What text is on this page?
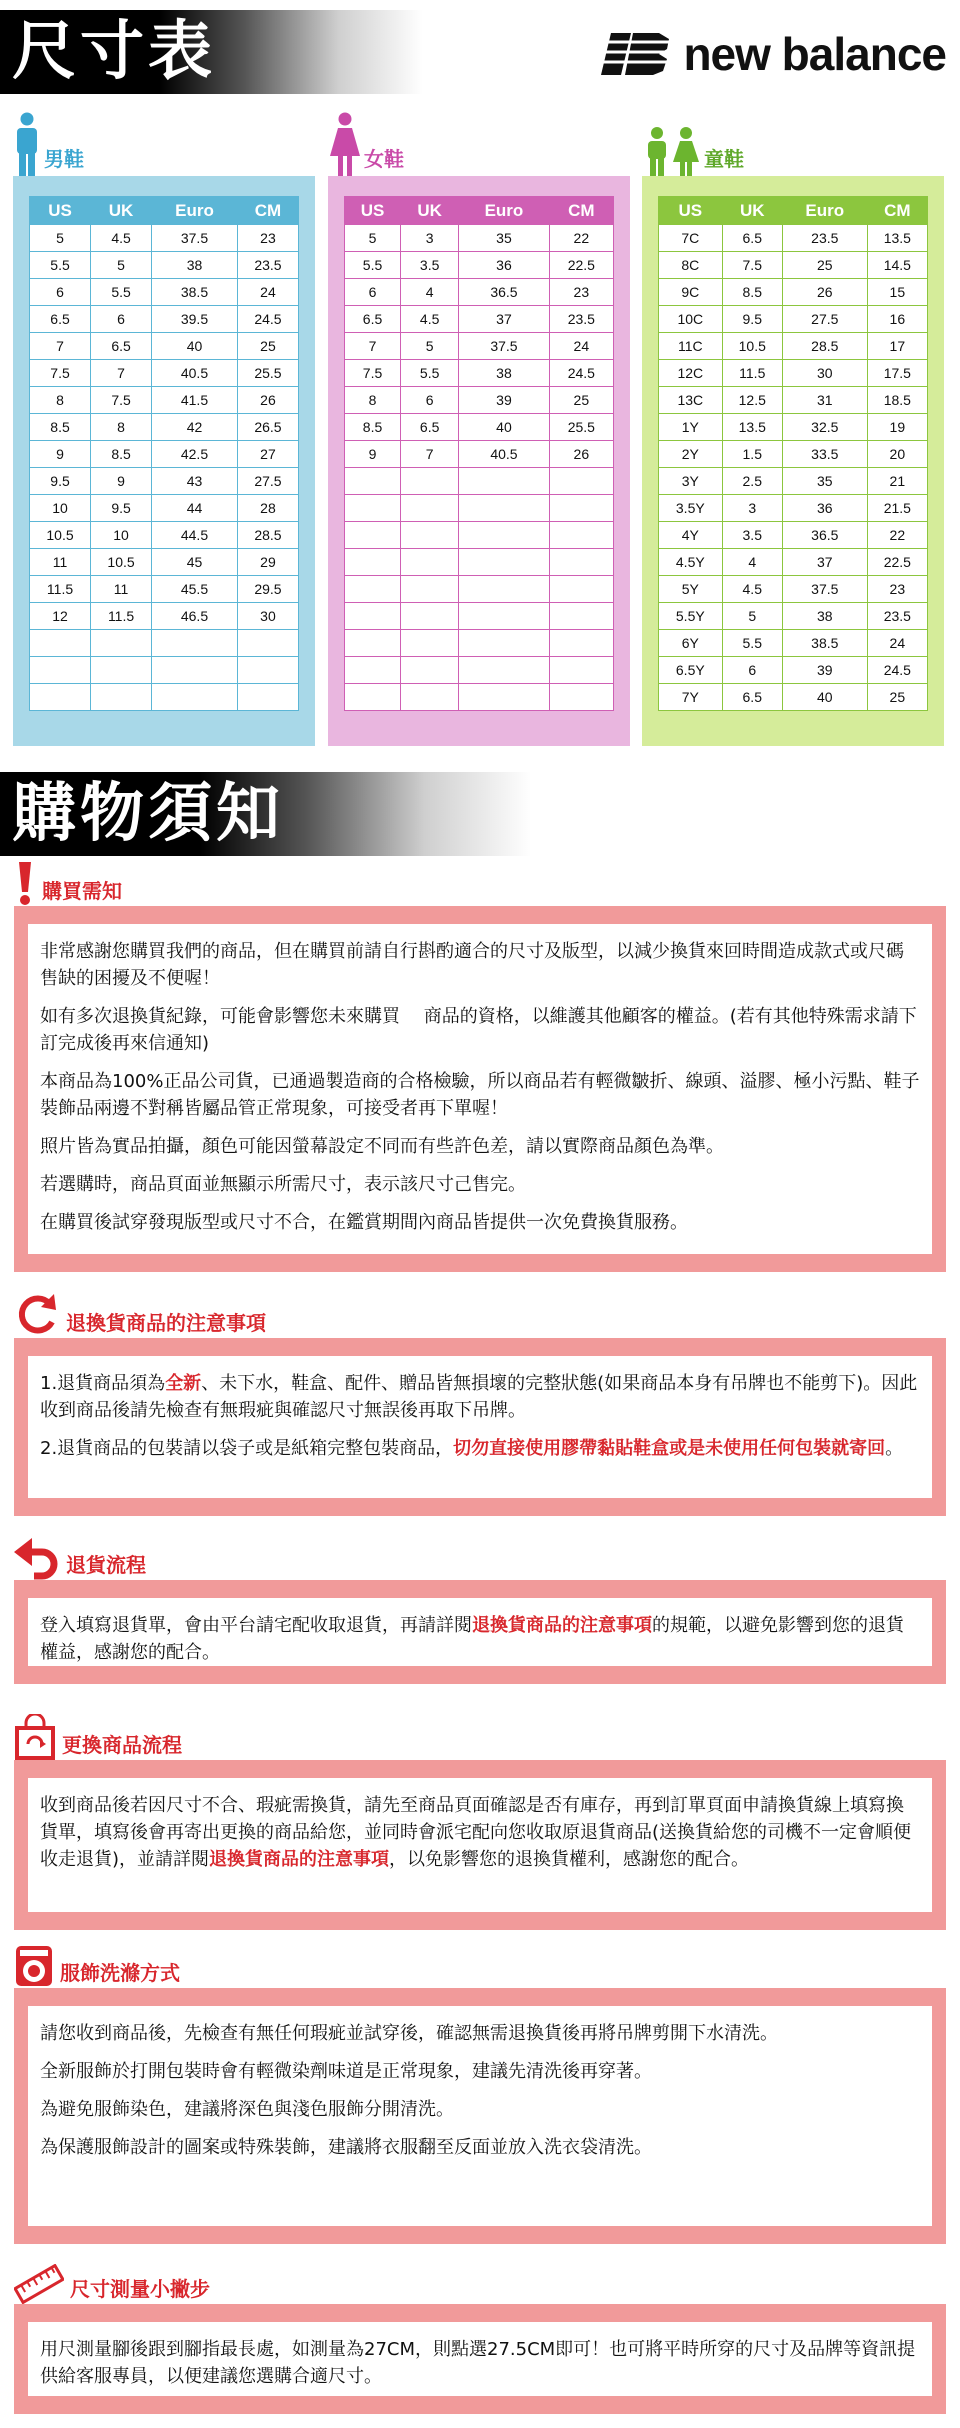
尺寸表	new balance
男鞋	女鞋	童鞋
US	UK	Euro	CM
5	4.5	37.5	23
5.5	5	38	23.5
6	5.5	38.5	24
6.5	6	39.5	24.5
7	6.5	40	25
7.5	7	40.5	25.5
8	7.5	41.5	26
8.5	8	42	26.5
9	8.5	42.5	27
9.5	9	43	27.5
10	9.5	44	28
10.5	10	44.5	28.5
11	10.5	45	29
11.5	11	45.5	29.5
12	11.5	46.5	30

US	UK	Euro	CM
5	3	35	22
5.5	3.5	36	22.5
6	4	36.5	23
6.5	4.5	37	23.5
7	5	37.5	24
7.5	5.5	38	24.5
8	6	39	25
8.5	6.5	40	25.5
9	7	40.5	26

US	UK	Euro	CM
7C	6.5	23.5	13.5
8C	7.5	25	14.5
9C	8.5	26	15
10C	9.5	27.5	16
11C	10.5	28.5	17
12C	11.5	30	17.5
13C	12.5	31	18.5
1Y	13.5	32.5	19
2Y	1.5	33.5	20
3Y	2.5	35	21
3.5Y	3	36	21.5
4Y	3.5	36.5	22
4.5Y	4	37	22.5
5Y	4.5	37.5	23
5.5Y	5	38	23.5
6Y	5.5	38.5	24
6.5Y	6	39	24.5
7Y	6.5	40	25
購物須知
購買需知

非常感謝您購買我們的商品，但在購買前請自行斟酌適合的尺寸及版型，以減少換貨來回時間造成款式或尺碼售缺的困擾及不便喔！

如有多次退換貨紀錄，可能會影響您未來購買　 商品的資格，以維護其他顧客的權益。(若有其他特殊需求請下訂完成後再來信通知)

本商品為100%正品公司貨，已通過製造商的合格檢驗，所以商品若有輕微皺折、線頭、溢膠、極小污點、鞋子裝飾品兩邊不對稱皆屬品管正常現象，可接受者再下單喔！

照片皆為實品拍攝，顏色可能因螢幕設定不同而有些許色差，請以實際商品顏色為準。

若選購時，商品頁面並無顯示所需尺寸，表示該尺寸己售完。

在購買後試穿發現版型或尺寸不合，在鑑賞期間內商品皆提供一次免費換貨服務。

退換貨商品的注意事項

1.退貨商品須為全新、未下水，鞋盒、配件、贈品皆無損壞的完整狀態(如果商品本身有吊牌也不能剪下)。因此收到商品後請先檢查有無瑕疵與確認尺寸無誤後再取下吊牌。

2.退貨商品的包裝請以袋子或是紙箱完整包裝商品，切勿直接使用膠帶黏貼鞋盒或是未使用任何包裝就寄回。

退貨流程

登入填寫退貨單，會由平台請宅配收取退貨，再請詳閱退換貨商品的注意事項的規範，以避免影響到您的退貨權益，感謝您的配合。

更換商品流程

收到商品後若因尺寸不合、瑕疵需換貨，請先至商品頁面確認是否有庫存，再到訂單頁面申請換貨線上填寫換貨單，填寫後會再寄出更換的商品給您，並同時會派宅配向您收取原退貨商品(送換貨給您的司機不一定會順便收走退貨)，並請詳閱退換貨商品的注意事項，以免影響您的退換貨權利，感謝您的配合。

服飾洗滌方式

請您收到商品後，先檢查有無任何瑕疵並試穿後，確認無需退換貨後再將吊牌剪開下水清洗。

全新服飾於打開包裝時會有輕微染劑味道是正常現象，建議先清洗後再穿著。

為避免服飾染色，建議將深色與淺色服飾分開清洗。

為保護服飾設計的圖案或特殊裝飾，建議將衣服翻至反面並放入洗衣袋清洗。

尺寸測量小撇步

用尺測量腳後跟到腳指最長處，如測量為27CM，則點選27.5CM即可！也可將平時所穿的尺寸及品牌等資訊提供給客服專員，以便建議您選購合適尺寸。
